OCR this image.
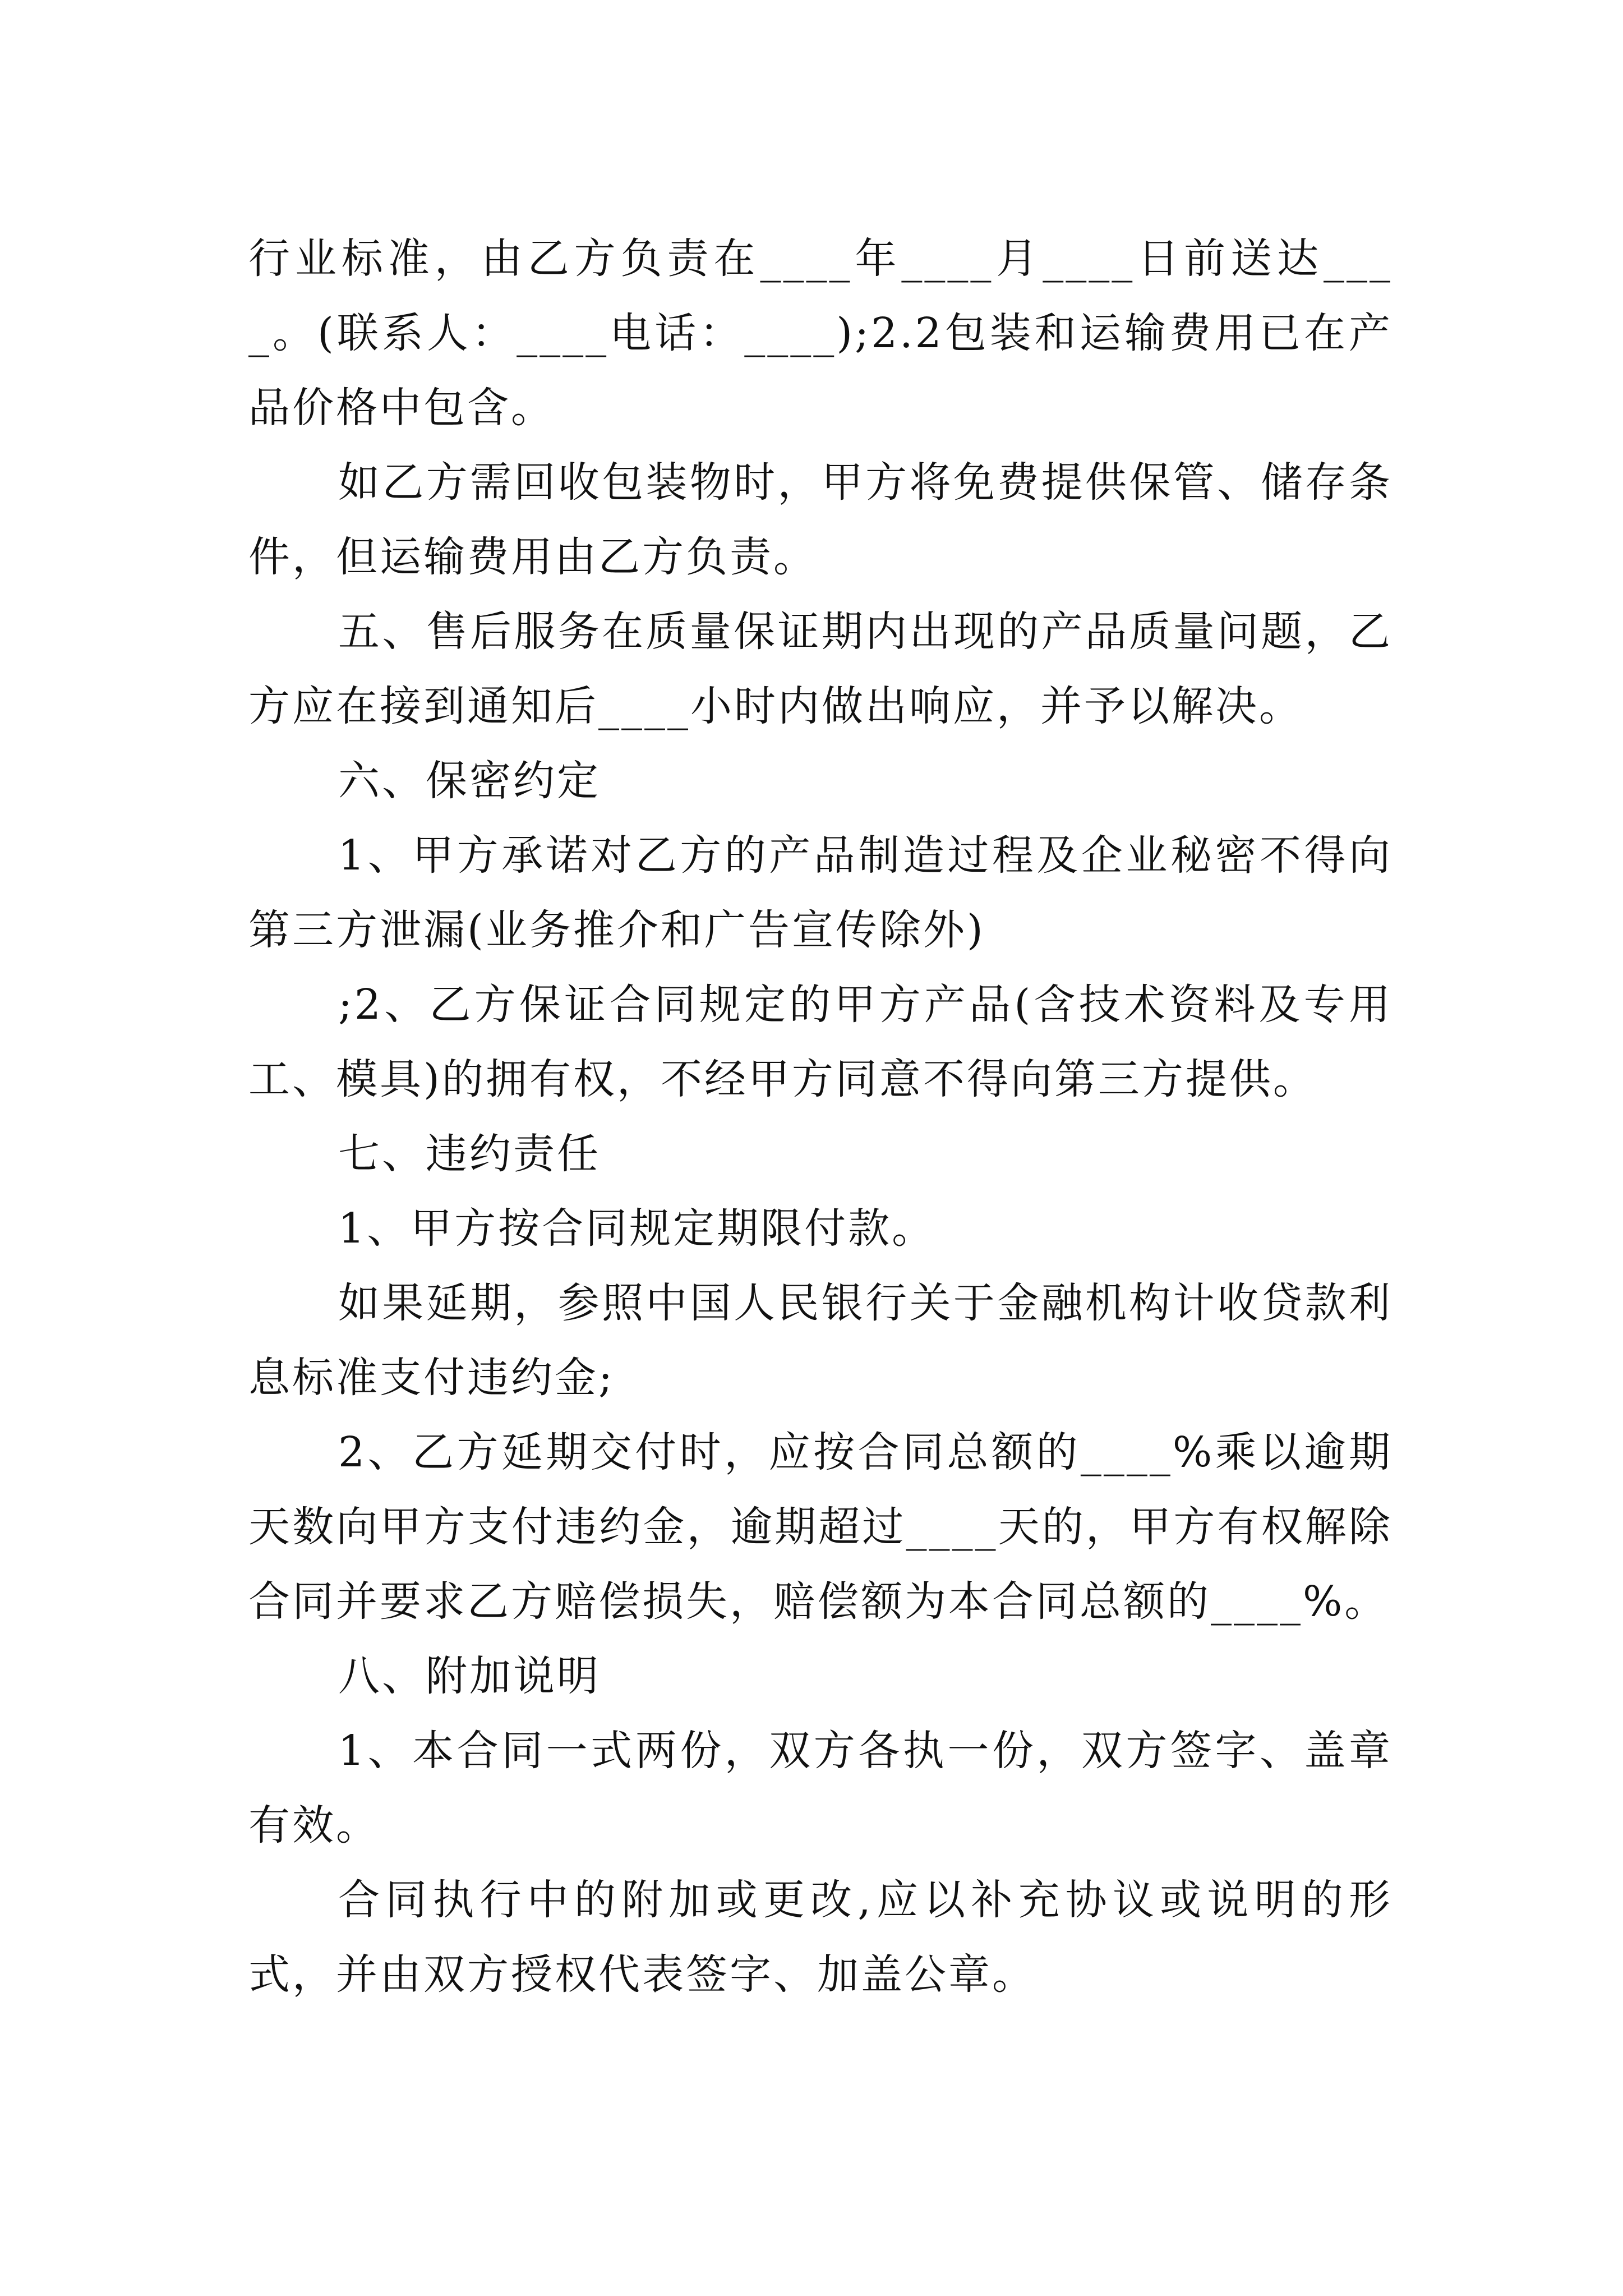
行业标准，由乙方负责在____年____月____日前送达____。(联系人：____电话：____);2.2包装和运输费用已在产品价格中包含。

如乙方需回收包装物时，甲方将免费提供保管、储存条件，但运输费用由乙方负责。

五、售后服务在质量保证期内出现的产品质量问题，乙方应在接到通知后____小时内做出响应，并予以解决。

六、保密约定

1、甲方承诺对乙方的产品制造过程及企业秘密不得向第三方泄漏(业务推介和广告宣传除外)

;2、乙方保证合同规定的甲方产品(含技术资料及专用工、模具)的拥有权，不经甲方同意不得向第三方提供。

七、违约责任

1、甲方按合同规定期限付款。

如果延期，参照中国人民银行关于金融机构计收贷款利息标准支付违约金;

2、乙方延期交付时，应按合同总额的____%乘以逾期天数向甲方支付违约金，逾期超过____天的，甲方有权解除合同并要求乙方赔偿损失，赔偿额为本合同总额的____%。

八、附加说明

1、本合同一式两份，双方各执一份，双方签字、盖章有效。

合同执行中的附加或更改,应以补充协议或说明的形式，并由双方授权代表签字、加盖公章。
